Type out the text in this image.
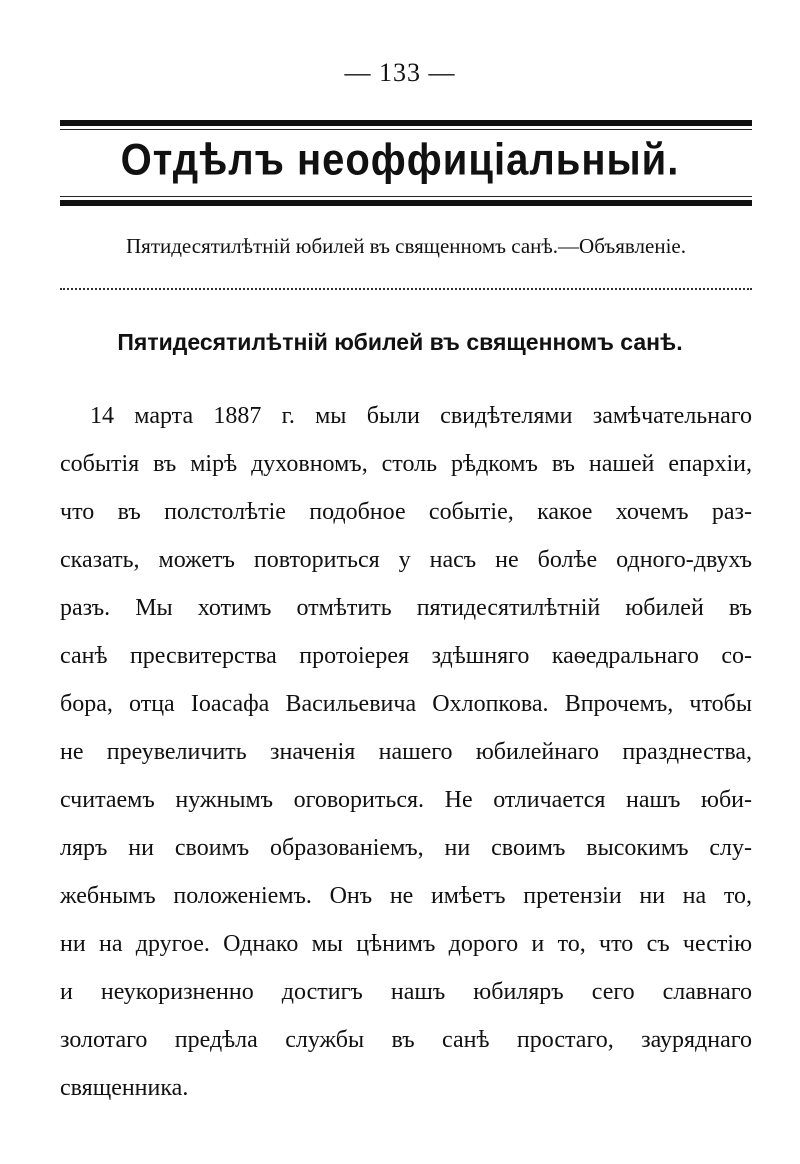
— 133 —
Отдѣлъ неоффиціальный.
Пятидесятилѣтній юбилей въ священномъ санѣ.—Объявленіе.
Пятидесятилѣтній юбилей въ священномъ санѣ.
14 марта 1887 г. мы были свидѣтелями замѣчательнаго
событія въ мірѣ духовномъ, столь рѣдкомъ въ нашей епархіи,
что въ полстолѣтіе подобное событіе, какое хочемъ раз-
сказать, можетъ повториться у насъ не болѣе одного-двухъ
разъ. Мы хотимъ отмѣтить пятидесятилѣтній юбилей въ
санѣ пресвитерства протоіерея здѣшняго каѳедральнаго со-
бора, отца Іоасафа Васильевича Охлопкова. Впрочемъ, чтобы
не преувеличить значенія нашего юбилейнаго празднества,
считаемъ нужнымъ оговориться. Не отличается нашъ юби-
ляръ ни своимъ образованіемъ, ни своимъ высокимъ слу-
жебнымъ положеніемъ. Онъ не имѣетъ претензіи ни на то,
ни на другое. Однако мы цѣнимъ дорого и то, что съ честію
и неукоризненно достигъ нашъ юбиляръ сего славнаго
золотаго предѣла службы въ санѣ простаго, зауряднаго
священника.
